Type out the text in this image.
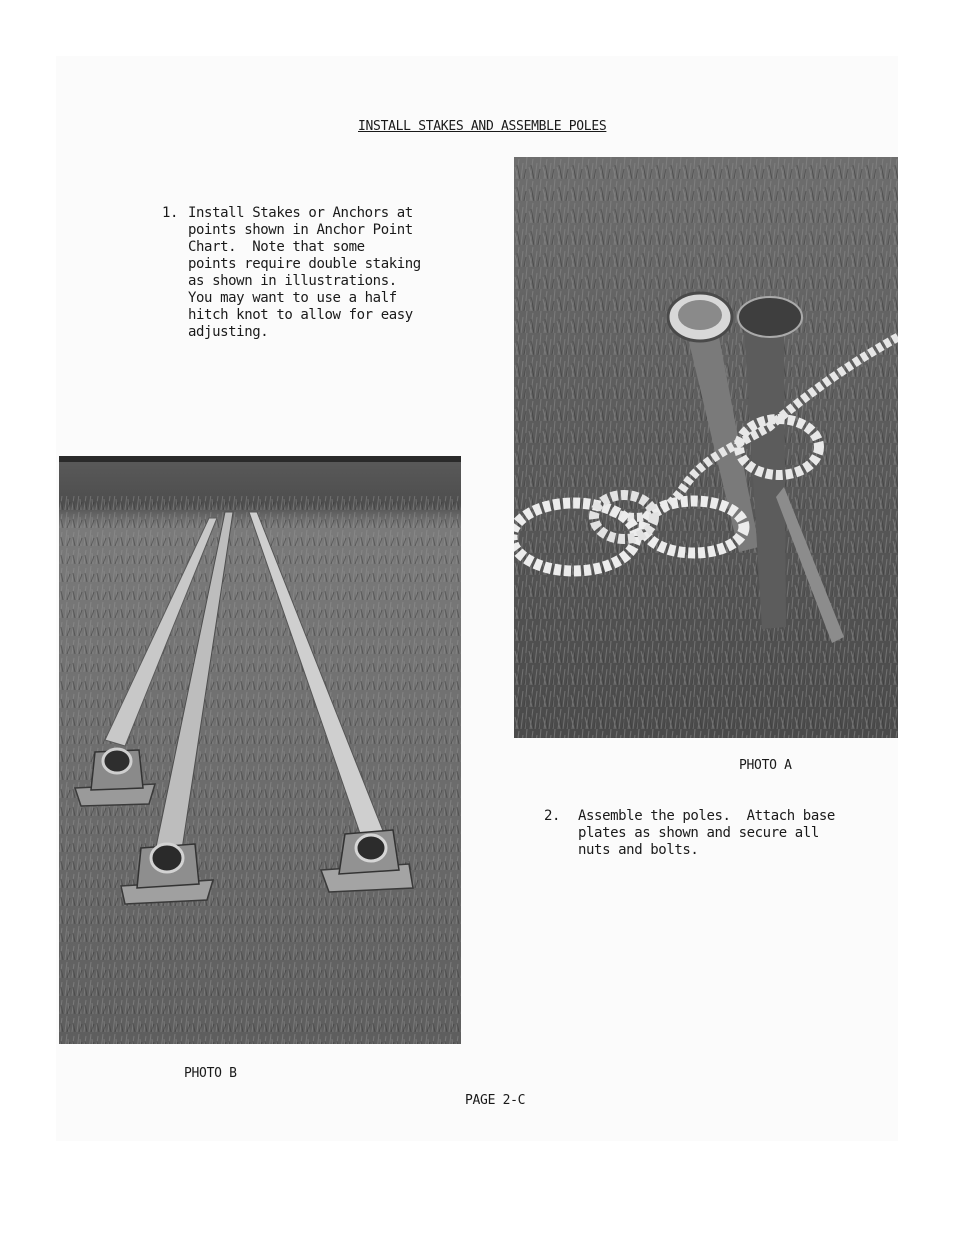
INSTALL STAKES AND ASSEMBLE POLES
1. Install Stakes or Anchors at
points shown in Anchor Point
Chart.  Note that some
points require double staking
as shown in illustrations.
You may want to use a half
hitch knot to allow for easy
adjusting.
PHOTO A
PHOTO B
2. Assemble the poles.  Attach base
plates as shown and secure all
nuts and bolts.
PAGE 2-C
